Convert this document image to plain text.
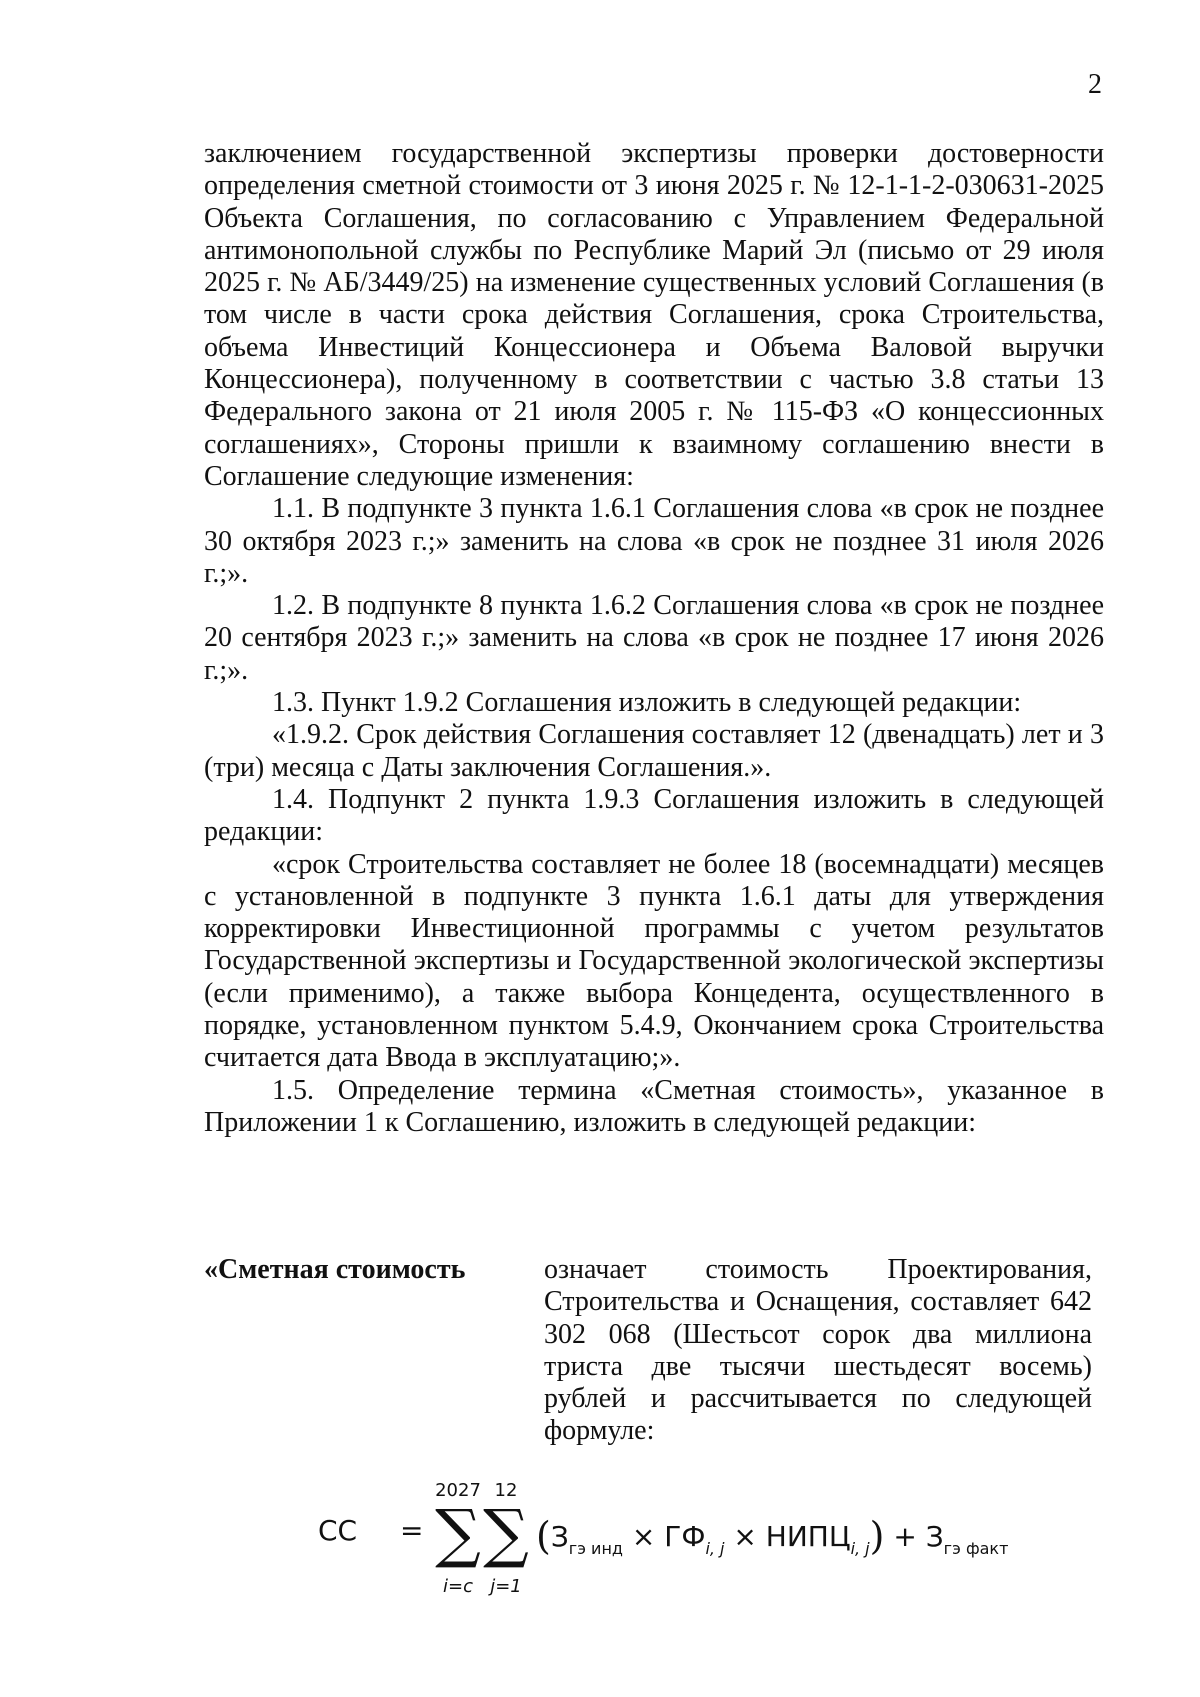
2

заключением государственной экспертизы проверки достоверности определения сметной стоимости от 3 июня 2025 г. № 12-1-1-2-030631-2025 Объекта Соглашения, по согласованию с Управлением Федеральной антимонопольной службы по Республике Марий Эл (письмо от 29 июля 2025 г. № АБ/3449/25) на изменение существенных условий Соглашения (в том числе в части срока действия Соглашения, срока Строительства, объема Инвестиций Концессионера и Объема Валовой выручки Концессионера), полученному в соответствии с частью 3.8 статьи 13 Федерального закона от 21 июля 2005 г. № 115-ФЗ «О концессионных соглашениях», Стороны пришли к взаимному соглашению внести в Соглашение следующие изменения:

1.1. В подпункте 3 пункта 1.6.1 Соглашения слова «в срок не позднее 30 октября 2023 г.;» заменить на слова «в срок не позднее 31 июля 2026 г.;».

1.2. В подпункте 8 пункта 1.6.2 Соглашения слова «в срок не позднее 20 сентября 2023 г.;» заменить на слова «в срок не позднее 17 июня 2026 г.;».

1.3. Пункт 1.9.2 Соглашения изложить в следующей редакции:

«1.9.2. Срок действия Соглашения составляет 12 (двенадцать) лет и 3 (три) месяца с Даты заключения Соглашения.».

1.4. Подпункт 2 пункта 1.9.3 Соглашения изложить в следующей редакции:

«срок Строительства составляет не более 18 (восемнадцати) месяцев с установленной в подпункте 3 пункта 1.6.1 даты для утверждения корректировки Инвестиционной программы с учетом результатов Государственной экспертизы и Государственной экологической экспертизы (если применимо), а также выбора Концедента, осуществленного в порядке, установленном пунктом 5.4.9, Окончанием срока Строительства считается дата Ввода в эксплуатацию;».

1.5. Определение термина «Сметная стоимость», указанное в Приложении 1 к Соглашению, изложить в следующей редакции:

«Сметная стоимость	означает стоимость Проектирования, Строительства и Оснащения, составляет 642 302 068 (Шестьсот сорок два миллиона триста две тысячи шестьдесят восемь) рублей и рассчитывается по следующей формуле:
СС =
2027
∑
i=c
12
∑
j=1
($З_{гэ инд} \times ГФ_{i, j}$ × $НИПЦ_{i, j}) + З_{гэ факт}$
